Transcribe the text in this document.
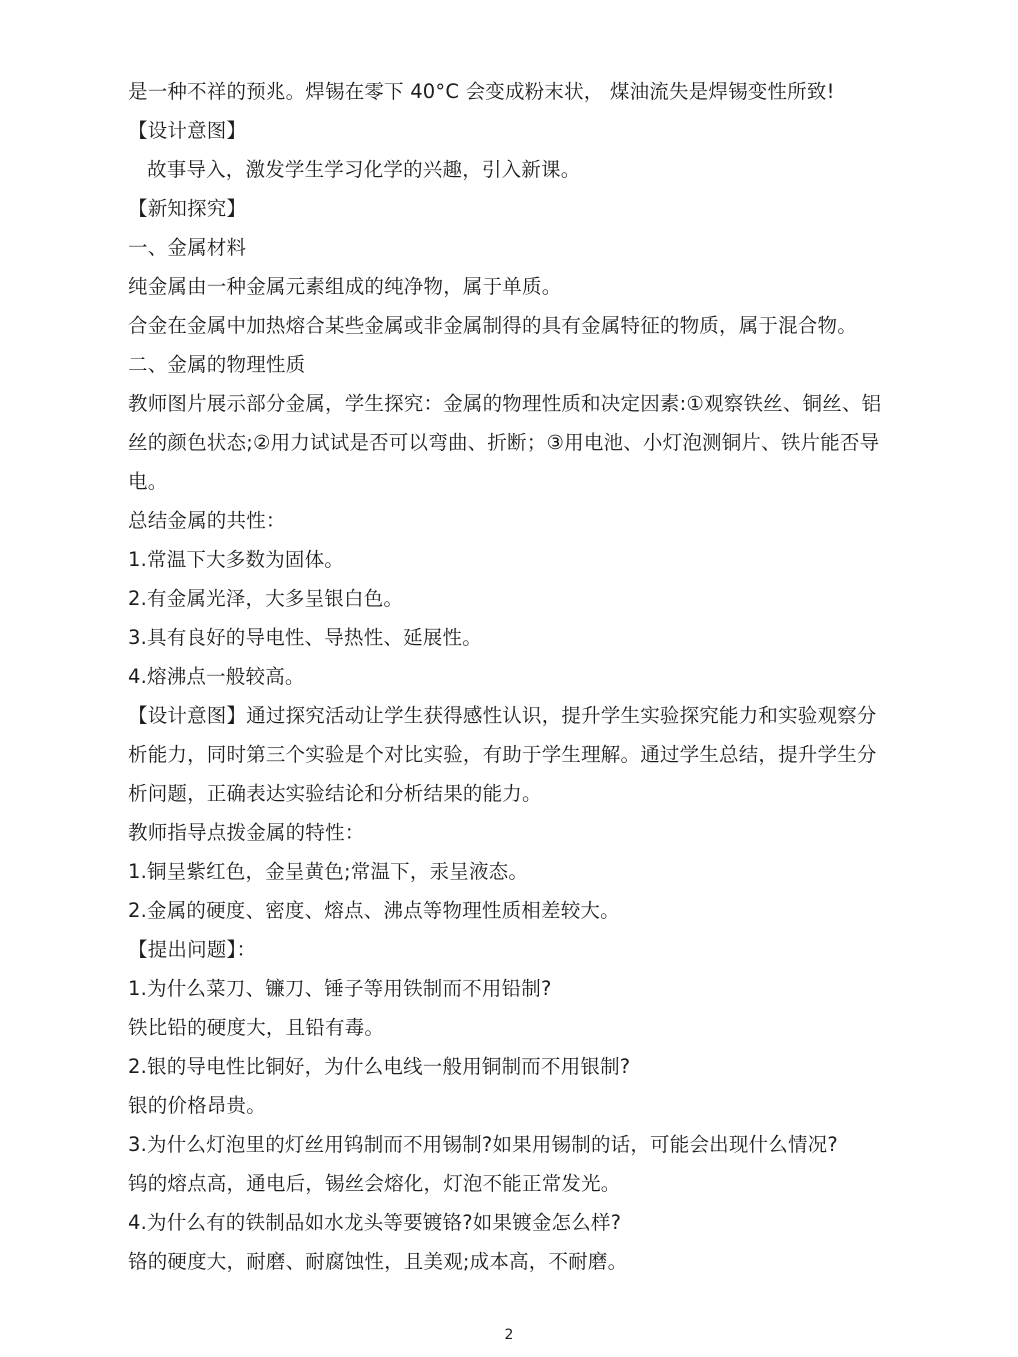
是一种不祥的预兆。焊锡在零下 40°C 会变成粉末状， 煤油流失是焊锡变性所致!
【设计意图】
故事导入，激发学生学习化学的兴趣，引入新课。
【新知探究】
一、金属材料
纯金属由一种金属元素组成的纯净物，属于单质。
合金在金属中加热熔合某些金属或非金属制得的具有金属特征的物质，属于混合物。
二、金属的物理性质
教师图片展示部分金属，学生探究：金属的物理性质和决定因素:①观察铁丝、铜丝、铝
丝的颜色状态;②用力试试是否可以弯曲、折断；③用电池、小灯泡测铜片、铁片能否导
电。
总结金属的共性：
1.常温下大多数为固体。
2.有金属光泽，大多呈银白色。
3.具有良好的导电性、导热性、延展性。
4.熔沸点一般较高。
【设计意图】通过探究活动让学生获得感性认识，提升学生实验探究能力和实验观察分
析能力，同时第三个实验是个对比实验，有助于学生理解。通过学生总结，提升学生分
析问题，正确表达实验结论和分析结果的能力。
教师指导点拨金属的特性：
1.铜呈紫红色，金呈黄色;常温下，汞呈液态。
2.金属的硬度、密度、熔点、沸点等物理性质相差较大。
【提出问题】：
1.为什么菜刀、镰刀、锤子等用铁制而不用铅制?
铁比铅的硬度大，且铅有毒。
2.银的导电性比铜好，为什么电线一般用铜制而不用银制?
银的价格昂贵。
3.为什么灯泡里的灯丝用钨制而不用锡制?如果用锡制的话，可能会出现什么情况?
钨的熔点高，通电后，锡丝会熔化，灯泡不能正常发光。
4.为什么有的铁制品如水龙头等要镀铬?如果镀金怎么样?
铬的硬度大，耐磨、耐腐蚀性，且美观;成本高，不耐磨。
2
